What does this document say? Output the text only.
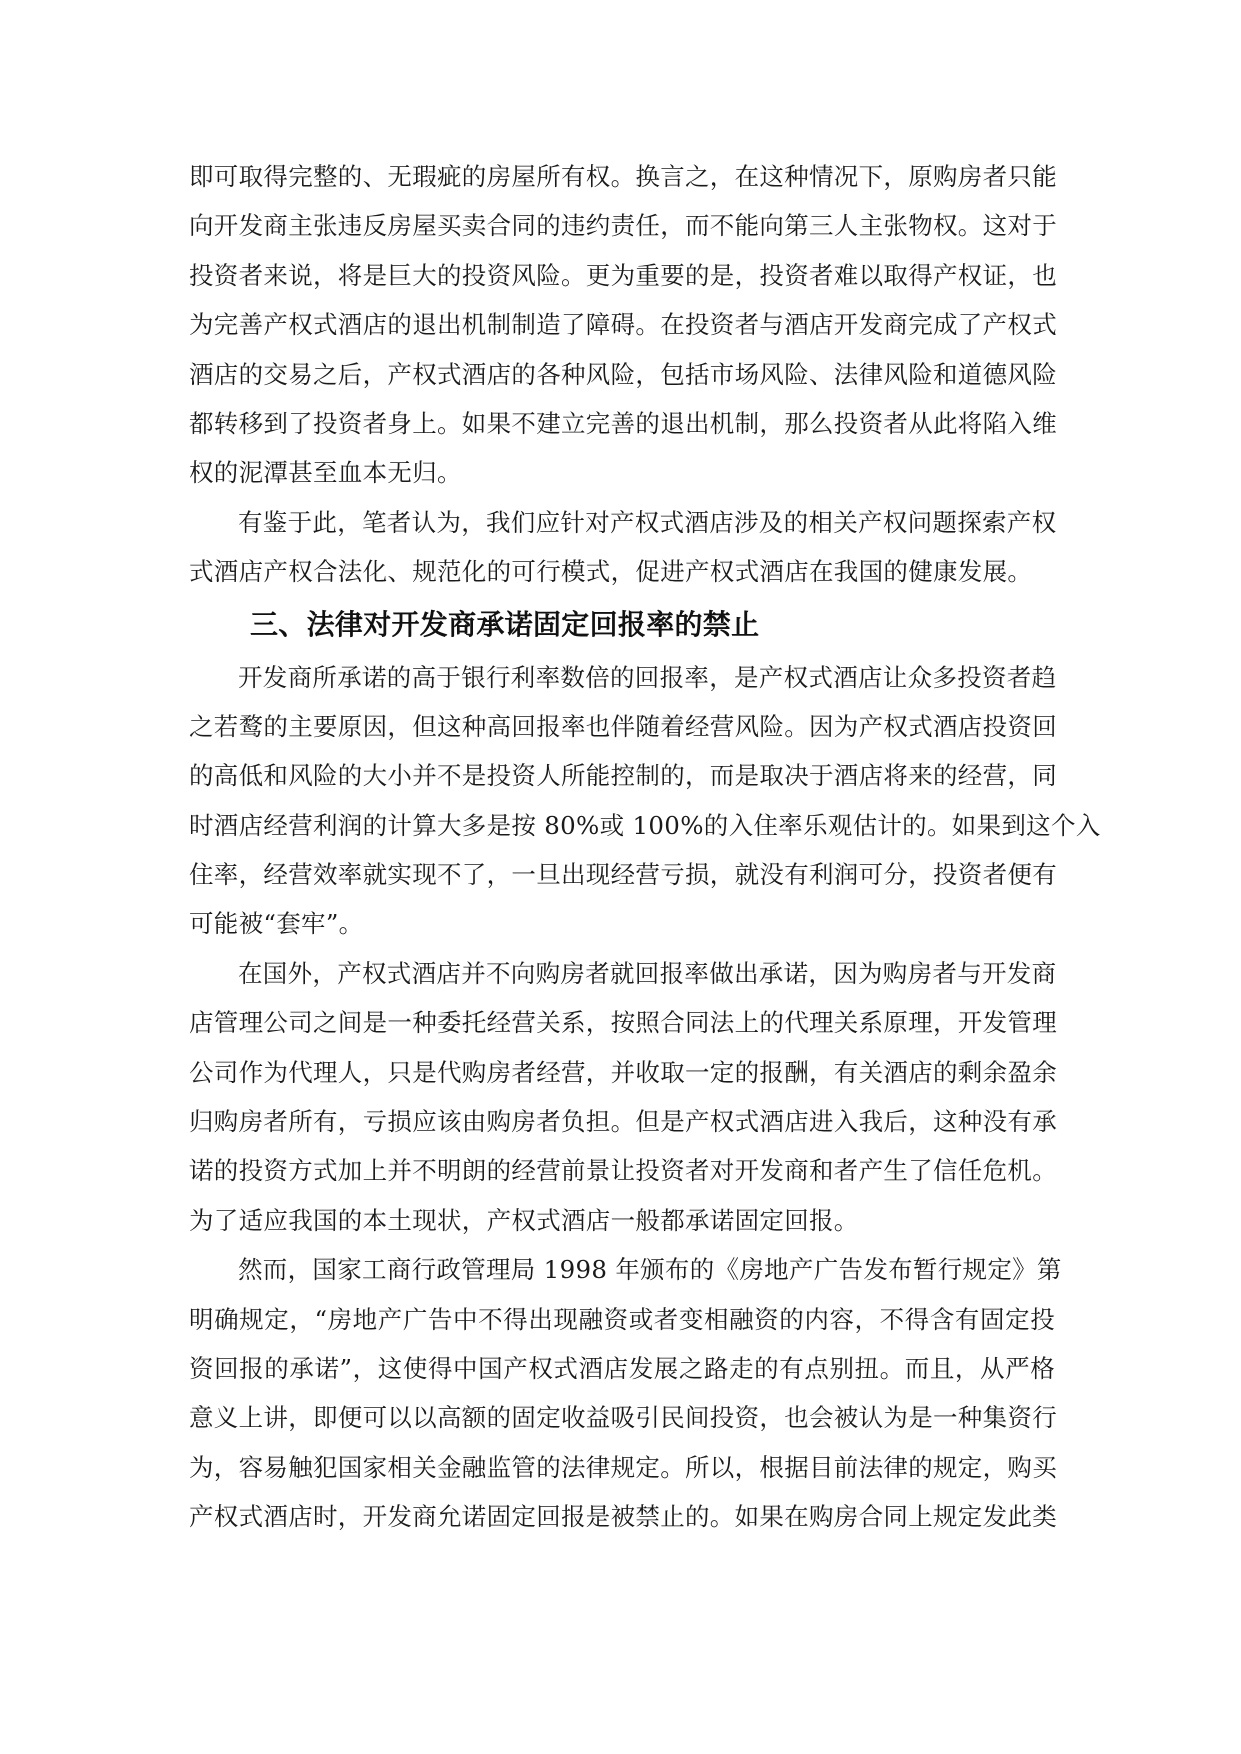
即可取得完整的、无瑕疵的房屋所有权。换言之，在这种情况下，原购房者只能
向开发商主张违反房屋买卖合同的违约责任，而不能向第三人主张物权。这对于
投资者来说，将是巨大的投资风险。更为重要的是，投资者难以取得产权证，也
为完善产权式酒店的退出机制制造了障碍。在投资者与酒店开发商完成了产权式
酒店的交易之后，产权式酒店的各种风险，包括市场风险、法律风险和道德风险
都转移到了投资者身上。如果不建立完善的退出机制，那么投资者从此将陷入维
权的泥潭甚至血本无归。
有鉴于此，笔者认为，我们应针对产权式酒店涉及的相关产权问题探索产权
式酒店产权合法化、规范化的可行模式，促进产权式酒店在我国的健康发展。
三、法律对开发商承诺固定回报率的禁止
开发商所承诺的高于银行利率数倍的回报率，是产权式酒店让众多投资者趋
之若鹜的主要原因，但这种高回报率也伴随着经营风险。因为产权式酒店投资回
的高低和风险的大小并不是投资人所能控制的，而是取决于酒店将来的经营，同
时酒店经营利润的计算大多是按 80%或 100%的入住率乐观估计的。如果到这个入
住率，经营效率就实现不了，一旦出现经营亏损，就没有利润可分，投资者便有
可能被“套牢”。
在国外，产权式酒店并不向购房者就回报率做出承诺，因为购房者与开发商
店管理公司之间是一种委托经营关系，按照合同法上的代理关系原理，开发管理
公司作为代理人，只是代购房者经营，并收取一定的报酬，有关酒店的剩余盈余
归购房者所有，亏损应该由购房者负担。但是产权式酒店进入我后，这种没有承
诺的投资方式加上并不明朗的经营前景让投资者对开发商和者产生了信任危机。
为了适应我国的本土现状，产权式酒店一般都承诺固定回报。
然而，国家工商行政管理局 1998 年颁布的《房地产广告发布暂行规定》第
明确规定，“房地产广告中不得出现融资或者变相融资的内容，不得含有固定投
资回报的承诺”，这使得中国产权式酒店发展之路走的有点别扭。而且，从严格
意义上讲，即便可以以高额的固定收益吸引民间投资，也会被认为是一种集资行
为，容易触犯国家相关金融监管的法律规定。所以，根据目前法律的规定，购买
产权式酒店时，开发商允诺固定回报是被禁止的。如果在购房合同上规定发此类
